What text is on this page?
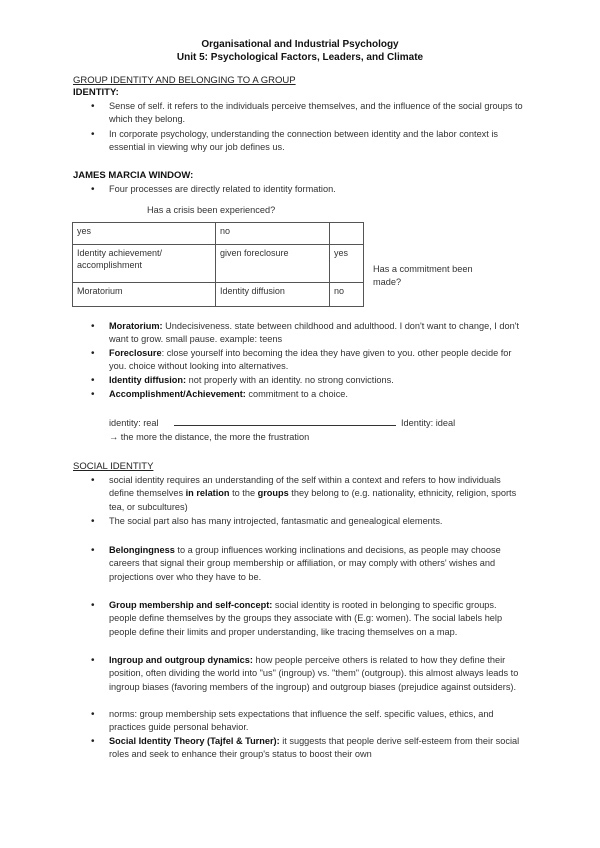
Organisational and Industrial Psychology
Unit 5: Psychological Factors, Leaders, and Climate
GROUP IDENTITY AND BELONGING TO A GROUP
IDENTITY:
• Sense of self. it refers to the individuals perceive themselves, and the influence of the social groups to which they belong.
• In corporate psychology, understanding the connection between identity and the labor context is essential in viewing why our job defines us.
JAMES MARCIA WINDOW:
• Four processes are directly related to identity formation.
Has a crisis been experienced?
yes	no	
Identity achievement/ accomplishment	given foreclosure	yes
Moratorium	Identity diffusion	no
Has a commitment been made?
• Moratorium: Undecisiveness. state between childhood and adulthood. I don't want to change, I don't want to grow. small pause. example: teens
• Foreclosure: close yourself into becoming the idea they have given to you. other people decide for you. choice without looking into alternatives.
• Identity diffusion: not properly with an identity. no strong convictions.
• Accomplishment/Achievement: commitment to a choice.
identity: real	Identity: ideal
→ the more the distance, the more the frustration
SOCIAL IDENTITY
• social identity requires an understanding of the self within a context and refers to how individuals define themselves in relation to the groups they belong to (e.g. nationality, ethnicity, religion, sports tea, or subcultures)
• The social part also has many introjected, fantasmatic and genealogical elements.
• Belongingness to a group influences working inclinations and decisions, as people may choose careers that signal their group membership or affiliation, or may comply with others' wishes and projections over who they have to be.
• Group membership and self-concept: social identity is rooted in belonging to specific groups. people define themselves by the groups they associate with (E.g: women). The social labels help people define their limits and proper understanding, like tracing themselves on a map.
• Ingroup and outgroup dynamics: how people perceive others is related to how they define their position, often dividing the world into "us" (ingroup) vs. "them" (outgroup). this almost always leads to ingroup biases (favoring members of the ingroup) and outgroup biases (prejudice against outsiders).
• norms: group membership sets expectations that influence the self. specific values, ethics, and practices guide personal behavior.
• Social Identity Theory (Tajfel & Turner): it suggests that people derive self-esteem from their social roles and seek to enhance their group's status to boost their own
